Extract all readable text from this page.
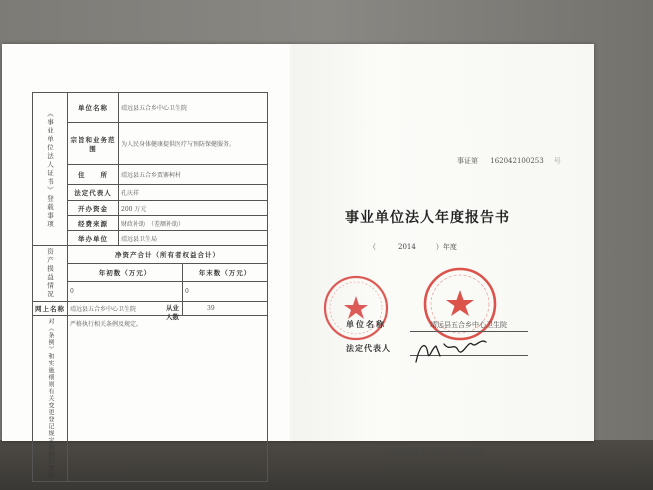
《事业单位法人证书》登载事项	单位名称	靖远县五合乡中心卫生院	
	宗旨和业务范围	为人民身体健康提供医疗与预防保健服务。	
	住　　所	靖远县五合乡贾寨柯村	
	法定代表人	孔庆祥	
	开办资金	200 万元	
	经费来源	财政补助　（差额补助）	
	举办单位	靖远县卫生局	
资产损益情况	净资产合计（所有者权益合计）		
	年初数（万元）		年末数（万元）
	0		0
网上名称	靖远县五合乡中心卫生院 从业人数		39
对《条例》和实施细则有关变更登记规定的执行情况	严格执行相关条例及规定。		
事证第 162042100253 号
事业单位法人年度报告书
（	2014	）年度
单位名称	靖远县五合乡中心卫生院
法定代表人
国家事业单位登记管理局制
